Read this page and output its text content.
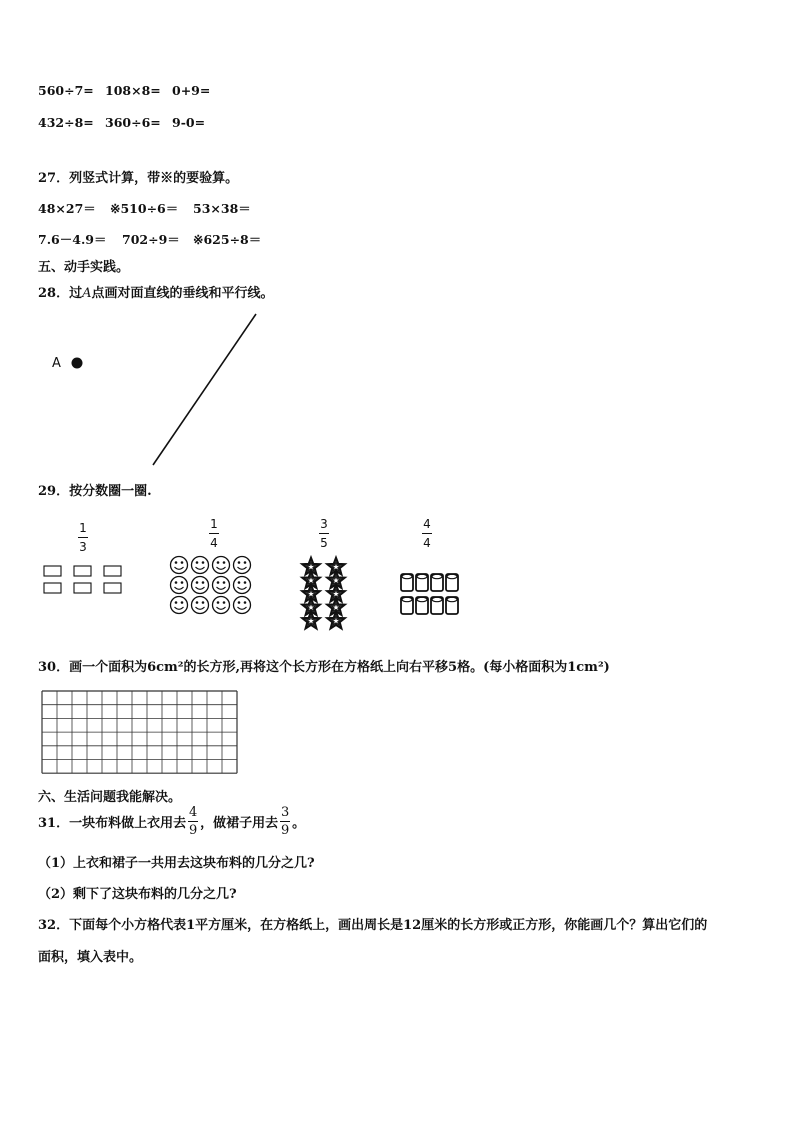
560÷7= 108×8= 0+9=
432÷8= 360÷6= 9-0=
27．列竖式计算，带※的要验算。
48×27＝ ※510÷6＝ 53×38＝
7.6－4.9＝ 702÷9＝ ※625÷8＝
五、动手实践。
28．过A点画对面直线的垂线和平行线。
A
29．按分数圈一圈.
1
3
1
4
3
5
4
4
30．画一个面积为6cm²的长方形,再将这个长方形在方格纸上向右平移5格。(每小格面积为1cm²)
六、生活问题我能解决。
31．一块布料做上衣用去 $\frac{4}{9}$ ，做裙子用去 $\frac{3}{9}$ 。
（1）上衣和裙子一共用去这块布料的几分之几?
（2）剩下了这块布料的几分之几?
32．下面每个小方格代表1平方厘米，在方格纸上，画出周长是12厘米的长方形或正方形，你能画几个？算出它们的
面积，填入表中。
